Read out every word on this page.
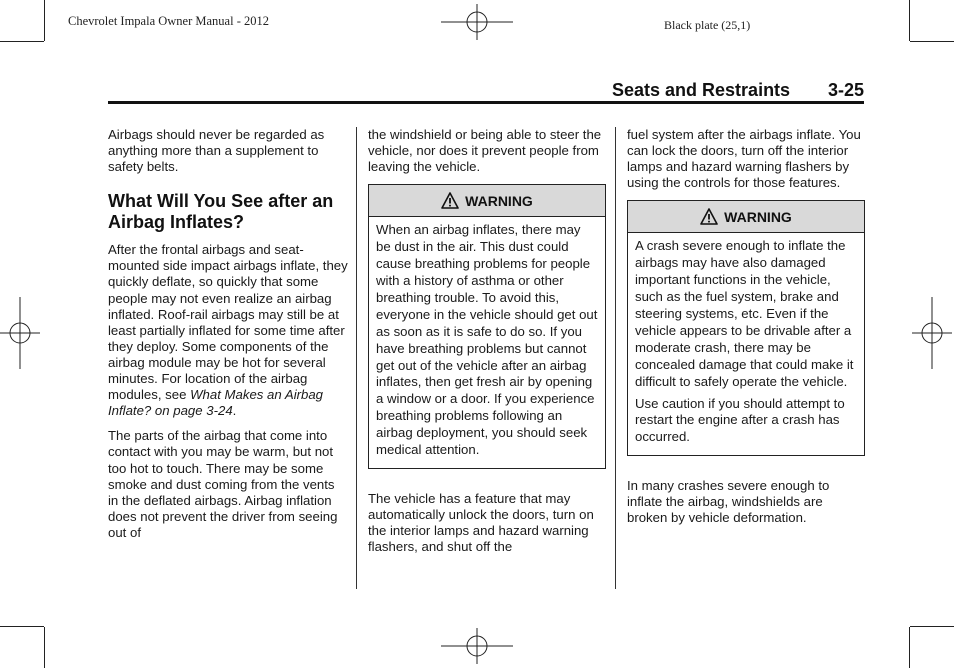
Chevrolet Impala Owner Manual - 2012	Black plate (25,1)
Seats and Restraints 3-25

Airbags should never be regarded as anything more than a supplement to safety belts.

What Will You See after an Airbag Inflates?

After the frontal airbags and seat-mounted side impact airbags inflate, they quickly deflate, so quickly that some people may not even realize an airbag inflated. Roof-rail airbags may still be at least partially inflated for some time after they deploy. Some components of the airbag module may be hot for several minutes. For location of the airbag modules, see What Makes an Airbag Inflate? on page 3-24.

The parts of the airbag that come into contact with you may be warm, but not too hot to touch. There may be some smoke and dust coming from the vents in the deflated airbags. Airbag inflation does not prevent the driver from seeing out of

the windshield or being able to steer the vehicle, nor does it prevent people from leaving the vehicle.

WARNING

When an airbag inflates, there may be dust in the air. This dust could cause breathing problems for people with a history of asthma or other breathing trouble. To avoid this, everyone in the vehicle should get out as soon as it is safe to do so. If you have breathing problems but cannot get out of the vehicle after an airbag inflates, then get fresh air by opening a window or a door. If you experience breathing problems following an airbag deployment, you should seek medical attention.

The vehicle has a feature that may automatically unlock the doors, turn on the interior lamps and hazard warning flashers, and shut off the

fuel system after the airbags inflate. You can lock the doors, turn off the interior lamps and hazard warning flashers by using the controls for those features.

WARNING

A crash severe enough to inflate the airbags may have also damaged important functions in the vehicle, such as the fuel system, brake and steering systems, etc. Even if the vehicle appears to be drivable after a moderate crash, there may be concealed damage that could make it difficult to safely operate the vehicle.

Use caution if you should attempt to restart the engine after a crash has occurred.

In many crashes severe enough to inflate the airbag, windshields are broken by vehicle deformation.
